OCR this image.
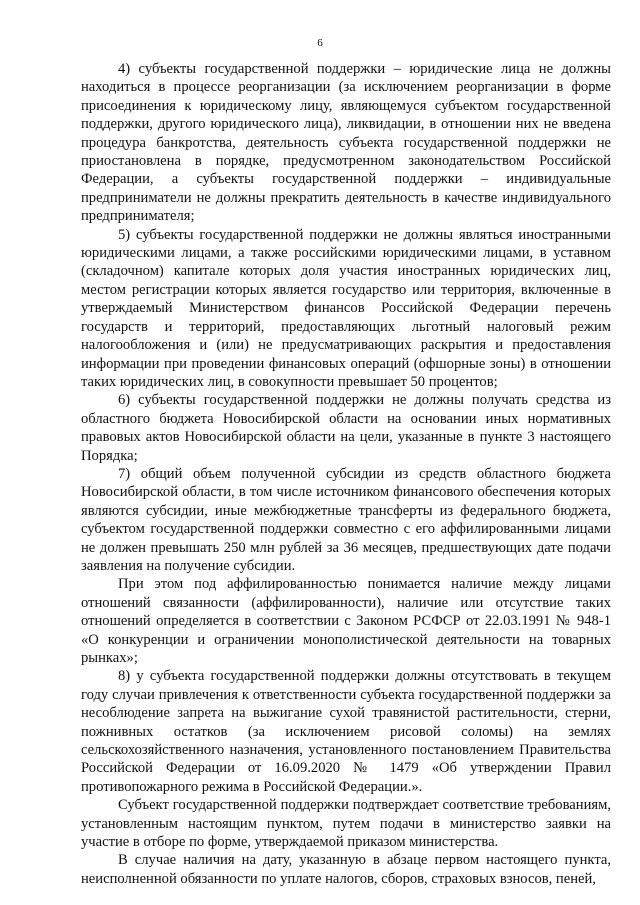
6

4) субъекты государственной поддержки – юридические лица не должны находиться в процессе реорганизации (за исключением реорганизации в форме присоединения к юридическому лицу, являющемуся субъектом государственной поддержки, другого юридического лица), ликвидации, в отношении них не введена процедура банкротства, деятельность субъекта государственной поддержки не приостановлена в порядке, предусмотренном законодательством Российской Федерации, а субъекты государственной поддержки – индивидуальные предприниматели не должны прекратить деятельность в качестве индивидуального предпринимателя;

5) субъекты государственной поддержки не должны являться иностранными юридическими лицами, а также российскими юридическими лицами, в уставном (складочном) капитале которых доля участия иностранных юридических лиц, местом регистрации которых является государство или территория, включенные в утверждаемый Министерством финансов Российской Федерации перечень государств и территорий, предоставляющих льготный налоговый режим налогообложения и (или) не предусматривающих раскрытия и предоставления информации при проведении финансовых операций (офшорные зоны) в отношении таких юридических лиц, в совокупности превышает 50 процентов;

6) субъекты государственной поддержки не должны получать средства из областного бюджета Новосибирской области на основании иных нормативных правовых актов Новосибирской области на цели, указанные в пункте 3 настоящего Порядка;

7) общий объем полученной субсидии из средств областного бюджета Новосибирской области, в том числе источником финансового обеспечения которых являются субсидии, иные межбюджетные трансферты из федерального бюджета, субъектом государственной поддержки совместно с его аффилированными лицами не должен превышать 250 млн рублей за 36 месяцев, предшествующих дате подачи заявления на получение субсидии.

При этом под аффилированностью понимается наличие между лицами отношений связанности (аффилированности), наличие или отсутствие таких отношений определяется в соответствии с Законом РСФСР от 22.03.1991 № 948-1 «О конкуренции и ограничении монополистической деятельности на товарных рынках»;

8) у субъекта государственной поддержки должны отсутствовать в текущем году случаи привлечения к ответственности субъекта государственной поддержки за несоблюдение запрета на выжигание сухой травянистой растительности, стерни, пожнивных остатков (за исключением рисовой соломы) на землях сельскохозяйственного назначения, установленного постановлением Правительства Российской Федерации от 16.09.2020 № 1479 «Об утверждении Правил противопожарного режима в Российской Федерации.».

Субъект государственной поддержки подтверждает соответствие требованиям, установленным настоящим пунктом, путем подачи в министерство заявки на участие в отборе по форме, утверждаемой приказом министерства.

В случае наличия на дату, указанную в абзаце первом настоящего пункта, неисполненной обязанности по уплате налогов, сборов, страховых взносов, пеней,
